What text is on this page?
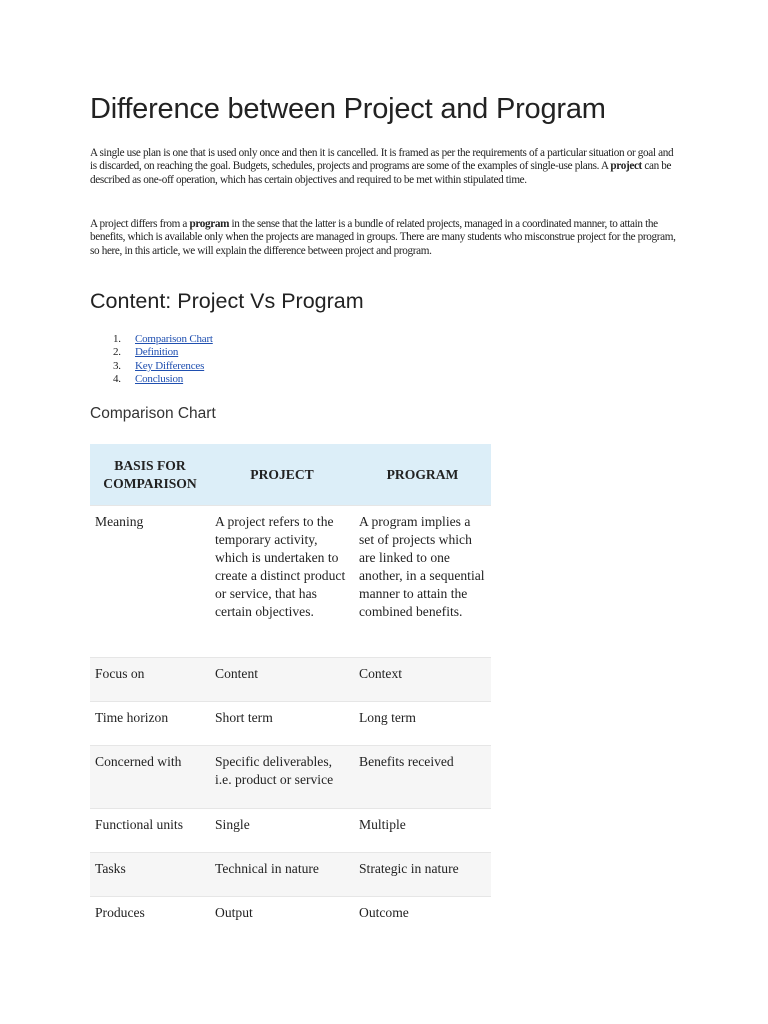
Difference between Project and Program

A single use plan is one that is used only once and then it is cancelled. It is framed as per the requirements of a particular situation or goal and is discarded, on reaching the goal. Budgets, schedules, projects and programs are some of the examples of single-use plans. A project can be described as one-off operation, which has certain objectives and required to be met within stipulated time.

A project differs from a program in the sense that the latter is a bundle of related projects, managed in a coordinated manner, to attain the benefits, which is available only when the projects are managed in groups. There are many students who misconstrue project for the program, so here, in this article, we will explain the difference between project and program.

Content: Project Vs Program
1. Comparison Chart
2. Definition
3. Key Differences
4. Conclusion
Comparison Chart
BASIS FOR COMPARISON	PROJECT	PROGRAM
Meaning	A project refers to the temporary activity, which is undertaken to create a distinct product or service, that has certain objectives.	A program implies a set of projects which are linked to one another, in a sequential manner to attain the combined benefits.
Focus on	Content	Context
Time horizon	Short term	Long term
Concerned with	Specific deliverables, i.e. product or service	Benefits received
Functional units	Single	Multiple
Tasks	Technical in nature	Strategic in nature
Produces	Output	Outcome
